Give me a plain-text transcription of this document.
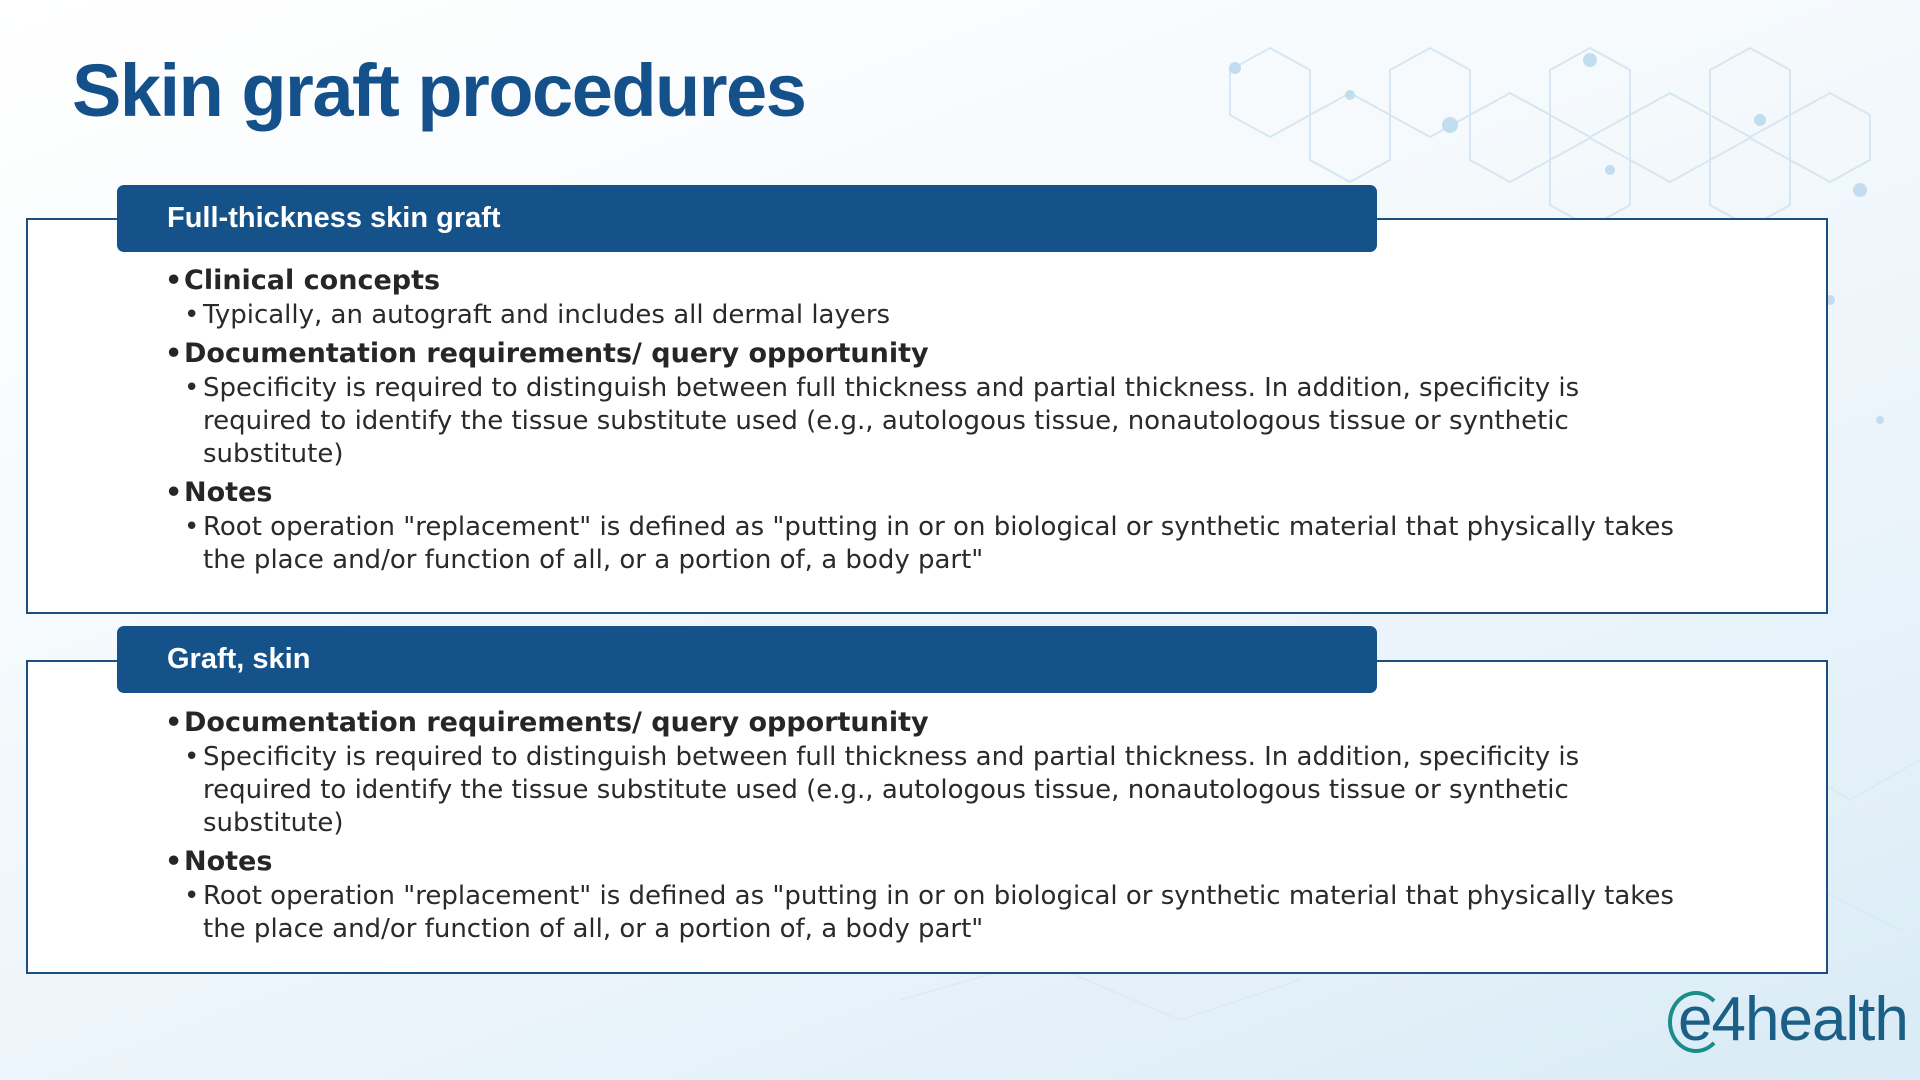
Skin graft procedures
Full-thickness skin graft
• Clinical concepts
• Typically, an autograft and includes all dermal layers
• Documentation requirements/ query opportunity
• Specificity is required to distinguish between full thickness and partial thickness. In addition, specificity is required to identify the tissue substitute used (e.g., autologous tissue, nonautologous tissue or synthetic substitute)
• Notes
• Root operation "replacement" is defined as "putting in or on biological or synthetic material that physically takes the place and/or function of all, or a portion of, a body part"
Graft, skin
• Documentation requirements/ query opportunity
• Specificity is required to distinguish between full thickness and partial thickness. In addition, specificity is required to identify the tissue substitute used (e.g., autologous tissue, nonautologous tissue or synthetic substitute)
• Notes
• Root operation "replacement" is defined as "putting in or on biological or synthetic material that physically takes the place and/or function of all, or a portion of, a body part"
e4health
